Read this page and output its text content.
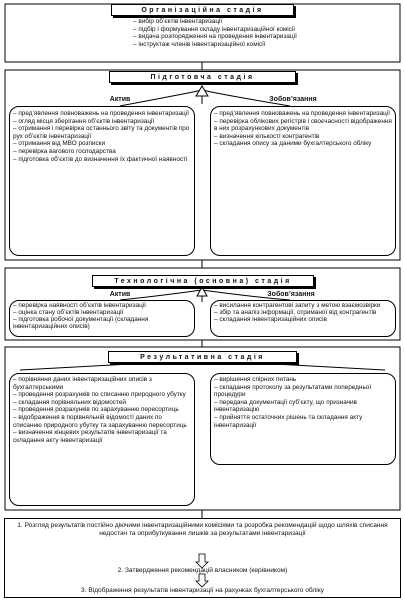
Організаційна стадія
– вибір об’єктів інвентаризації
– підбір і формування складу інвентаризаційної комісії
– видача розпорядження на проведення інвентаризації
– інструктаж членів інвентаризаційної комісії
Підготовча стадія
Актив	Зобов’язання
– пред’явлення повноважень на проведення інвентаризації
– огляд місця зберігання об’єктів інвентаризації
– отримання і перевірка останнього звіту та документів про рух об’єктів інвентаризації
– отримання від МВО розписки
– перевірка вагового господарства
– підготовка об’єктів до визначення їх фактичної наявності
– пред’явлення повноважень на проведення інвентаризації
– перевірка облікових регістрів і своєчасності відображення в них розрахункових документів
– визначення кількості контрагентів
– складання опису за даними бухгалтерського обліку
Технологічна (основна) стадія
Актив	Зобов’язання
– перевірка наявності об’єктів інвентаризації
– оцінка стану об’єктів інвентаризації
– підготовка робочої документації (складання інвентаризаційних описів)
– висилання контрагентові запиту з метою взаємозвірки
– збір та аналіз інформації, отриманої від контрагентів
– складання інвентаризаційних описів
Результативна стадія
– порівняння даних інвентаризаційних описів з бухгалтерськими
– проведення розрахунків по списанню природного убутку
– складання порівняльних відомостей
– проведення розрахунків по зарахуванню пересортиць
– відображення в порівняльній відомості даних по списанню природного убутку та зарахуванню пересортиць
– визначення кінцевих результатів інвентаризації та складання акту інвентаризації
– вирішення спірних питань
– складання протоколу за результатами попередньої процедури
– передача документації суб’єкту, що призначив інвентаризацію
– прийняття остаточних рішень та складання акту інвентаризації
1. Розгляд результатів постійно діючими інвентаризаційними комісіями та розробка рекомендацій щодо шляхів списання недостач та оприбуткування лишків за результатами інвентаризації
2. Затвердження рекомендацій власником (керівником)
3. Відображення результатів інвентаризації на рахунках бухгалтерського обліку
